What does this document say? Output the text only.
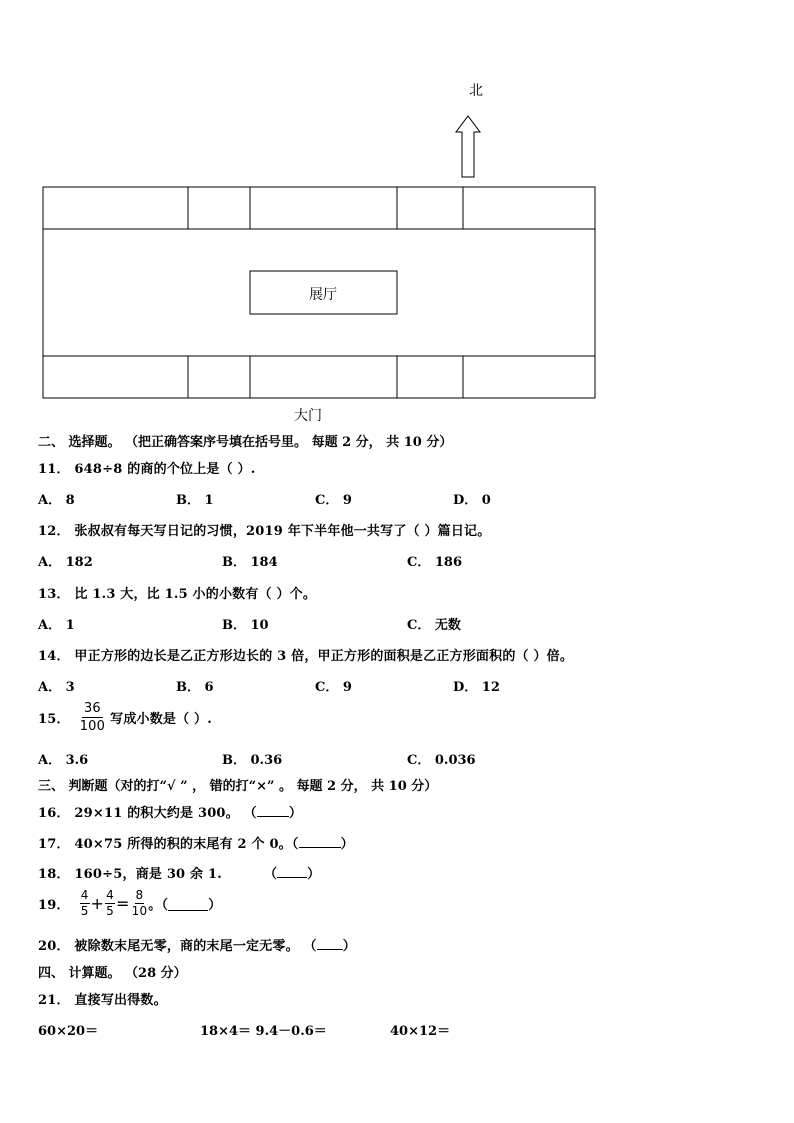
北
展厅
大门
二、 选择题。 （把正确答案序号填在括号里。 每题 2 分， 共 10 分）
11． 648÷8 的商的个位上是（ ）.
A． 8	B． 1	C． 9	D． 0
12． 张叔叔有每天写日记的习惯，2019 年下半年他一共写了（ ）篇日记。
A． 182	B． 184	C． 186
13． 比 1.3 大，比 1.5 小的小数有（ ）个。
A． 1	B． 10	C． 无数
14． 甲正方形的边长是乙正方形边长的 3 倍，甲正方形的面积是乙正方形面积的（ ）倍。
A． 3	B． 6	C． 9	D． 12
15． $\frac{36}{100}$ 写成小数是（ ）.
A． 3.6	B． 0.36	C． 0.036
三、 判断题（对的打“√ ” ， 错的打“×” 。 每题 2 分， 共 10 分）
16． 29×11 的积大约是 300。 （ ）
17． 40×75 所得的积的末尾有 2 个 0。（	）
18． 160÷5，商是 30 余 1.	（ ）
19． $\frac{4}{5} + \frac{4}{5} = \frac{8}{10}$ 。（	）
20． 被除数末尾无零，商的末尾一定无零。 （ ）
四、 计算题。 （28 分）
21． 直接写出得数。
60×20＝	18×4＝ 9.4－0.6＝	40×12＝
